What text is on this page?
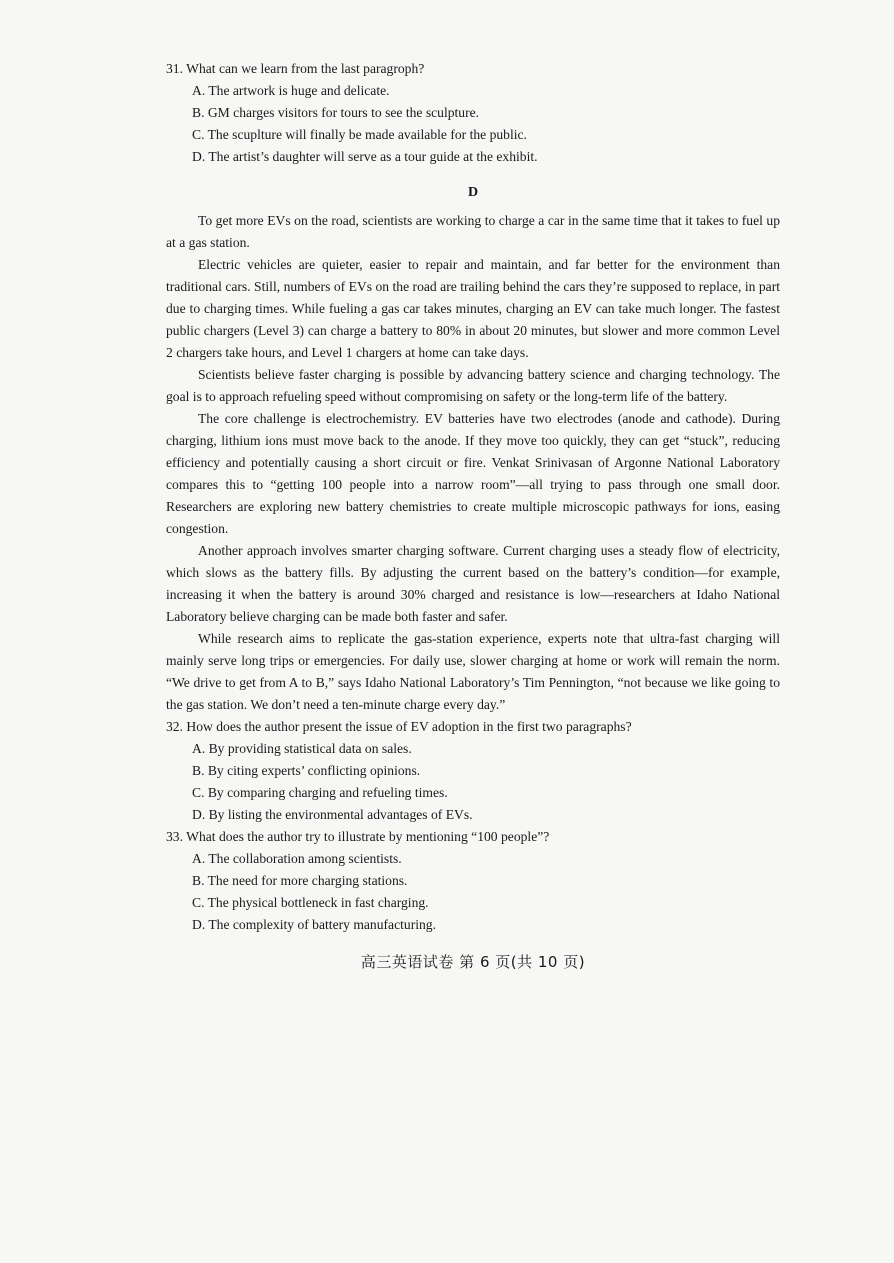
31. What can we learn from the last paragroph?

A. The artwork is huge and delicate.

B. GM charges visitors for tours to see the sculpture.

C. The scuplture will finally be made available for the public.

D. The artist’s daughter will serve as a tour guide at the exhibit.

D

To get more EVs on the road, scientists are working to charge a car in the same time that it takes to fuel up at a gas station.

Electric vehicles are quieter, easier to repair and maintain, and far better for the environment than traditional cars. Still, numbers of EVs on the road are trailing behind the cars they’re supposed to replace, in part due to charging times. While fueling a gas car takes minutes, charging an EV can take much longer. The fastest public chargers (Level 3) can charge a battery to 80% in about 20 minutes, but slower and more common Level 2 chargers take hours, and Level 1 chargers at home can take days.

Scientists believe faster charging is possible by advancing battery science and charging technology. The goal is to approach refueling speed without compromising on safety or the long-term life of the battery.

The core challenge is electrochemistry. EV batteries have two electrodes (anode and cathode). During charging, lithium ions must move back to the anode. If they move too quickly, they can get “stuck”, reducing efficiency and potentially causing a short circuit or fire. Venkat Srinivasan of Argonne National Laboratory compares this to “getting 100 people into a narrow room”—all trying to pass through one small door. Researchers are exploring new battery chemistries to create multiple microscopic pathways for ions, easing congestion.

Another approach involves smarter charging software. Current charging uses a steady flow of electricity, which slows as the battery fills. By adjusting the current based on the battery’s condition—for example, increasing it when the battery is around 30% charged and resistance is low—researchers at Idaho National Laboratory believe charging can be made both faster and safer.

While research aims to replicate the gas-station experience, experts note that ultra-fast charging will mainly serve long trips or emergencies. For daily use, slower charging at home or work will remain the norm. “We drive to get from A to B,” says Idaho National Laboratory’s Tim Pennington, “not because we like going to the gas station. We don’t need a ten-minute charge every day.”

32. How does the author present the issue of EV adoption in the first two paragraphs?

A. By providing statistical data on sales.

B. By citing experts’ conflicting opinions.

C. By comparing charging and refueling times.

D. By listing the environmental advantages of EVs.

33. What does the author try to illustrate by mentioning “100 people”?

A. The collaboration among scientists.

B. The need for more charging stations.

C. The physical bottleneck in fast charging.

D. The complexity of battery manufacturing.

高三英语试卷 第 6 页(共 10 页)
